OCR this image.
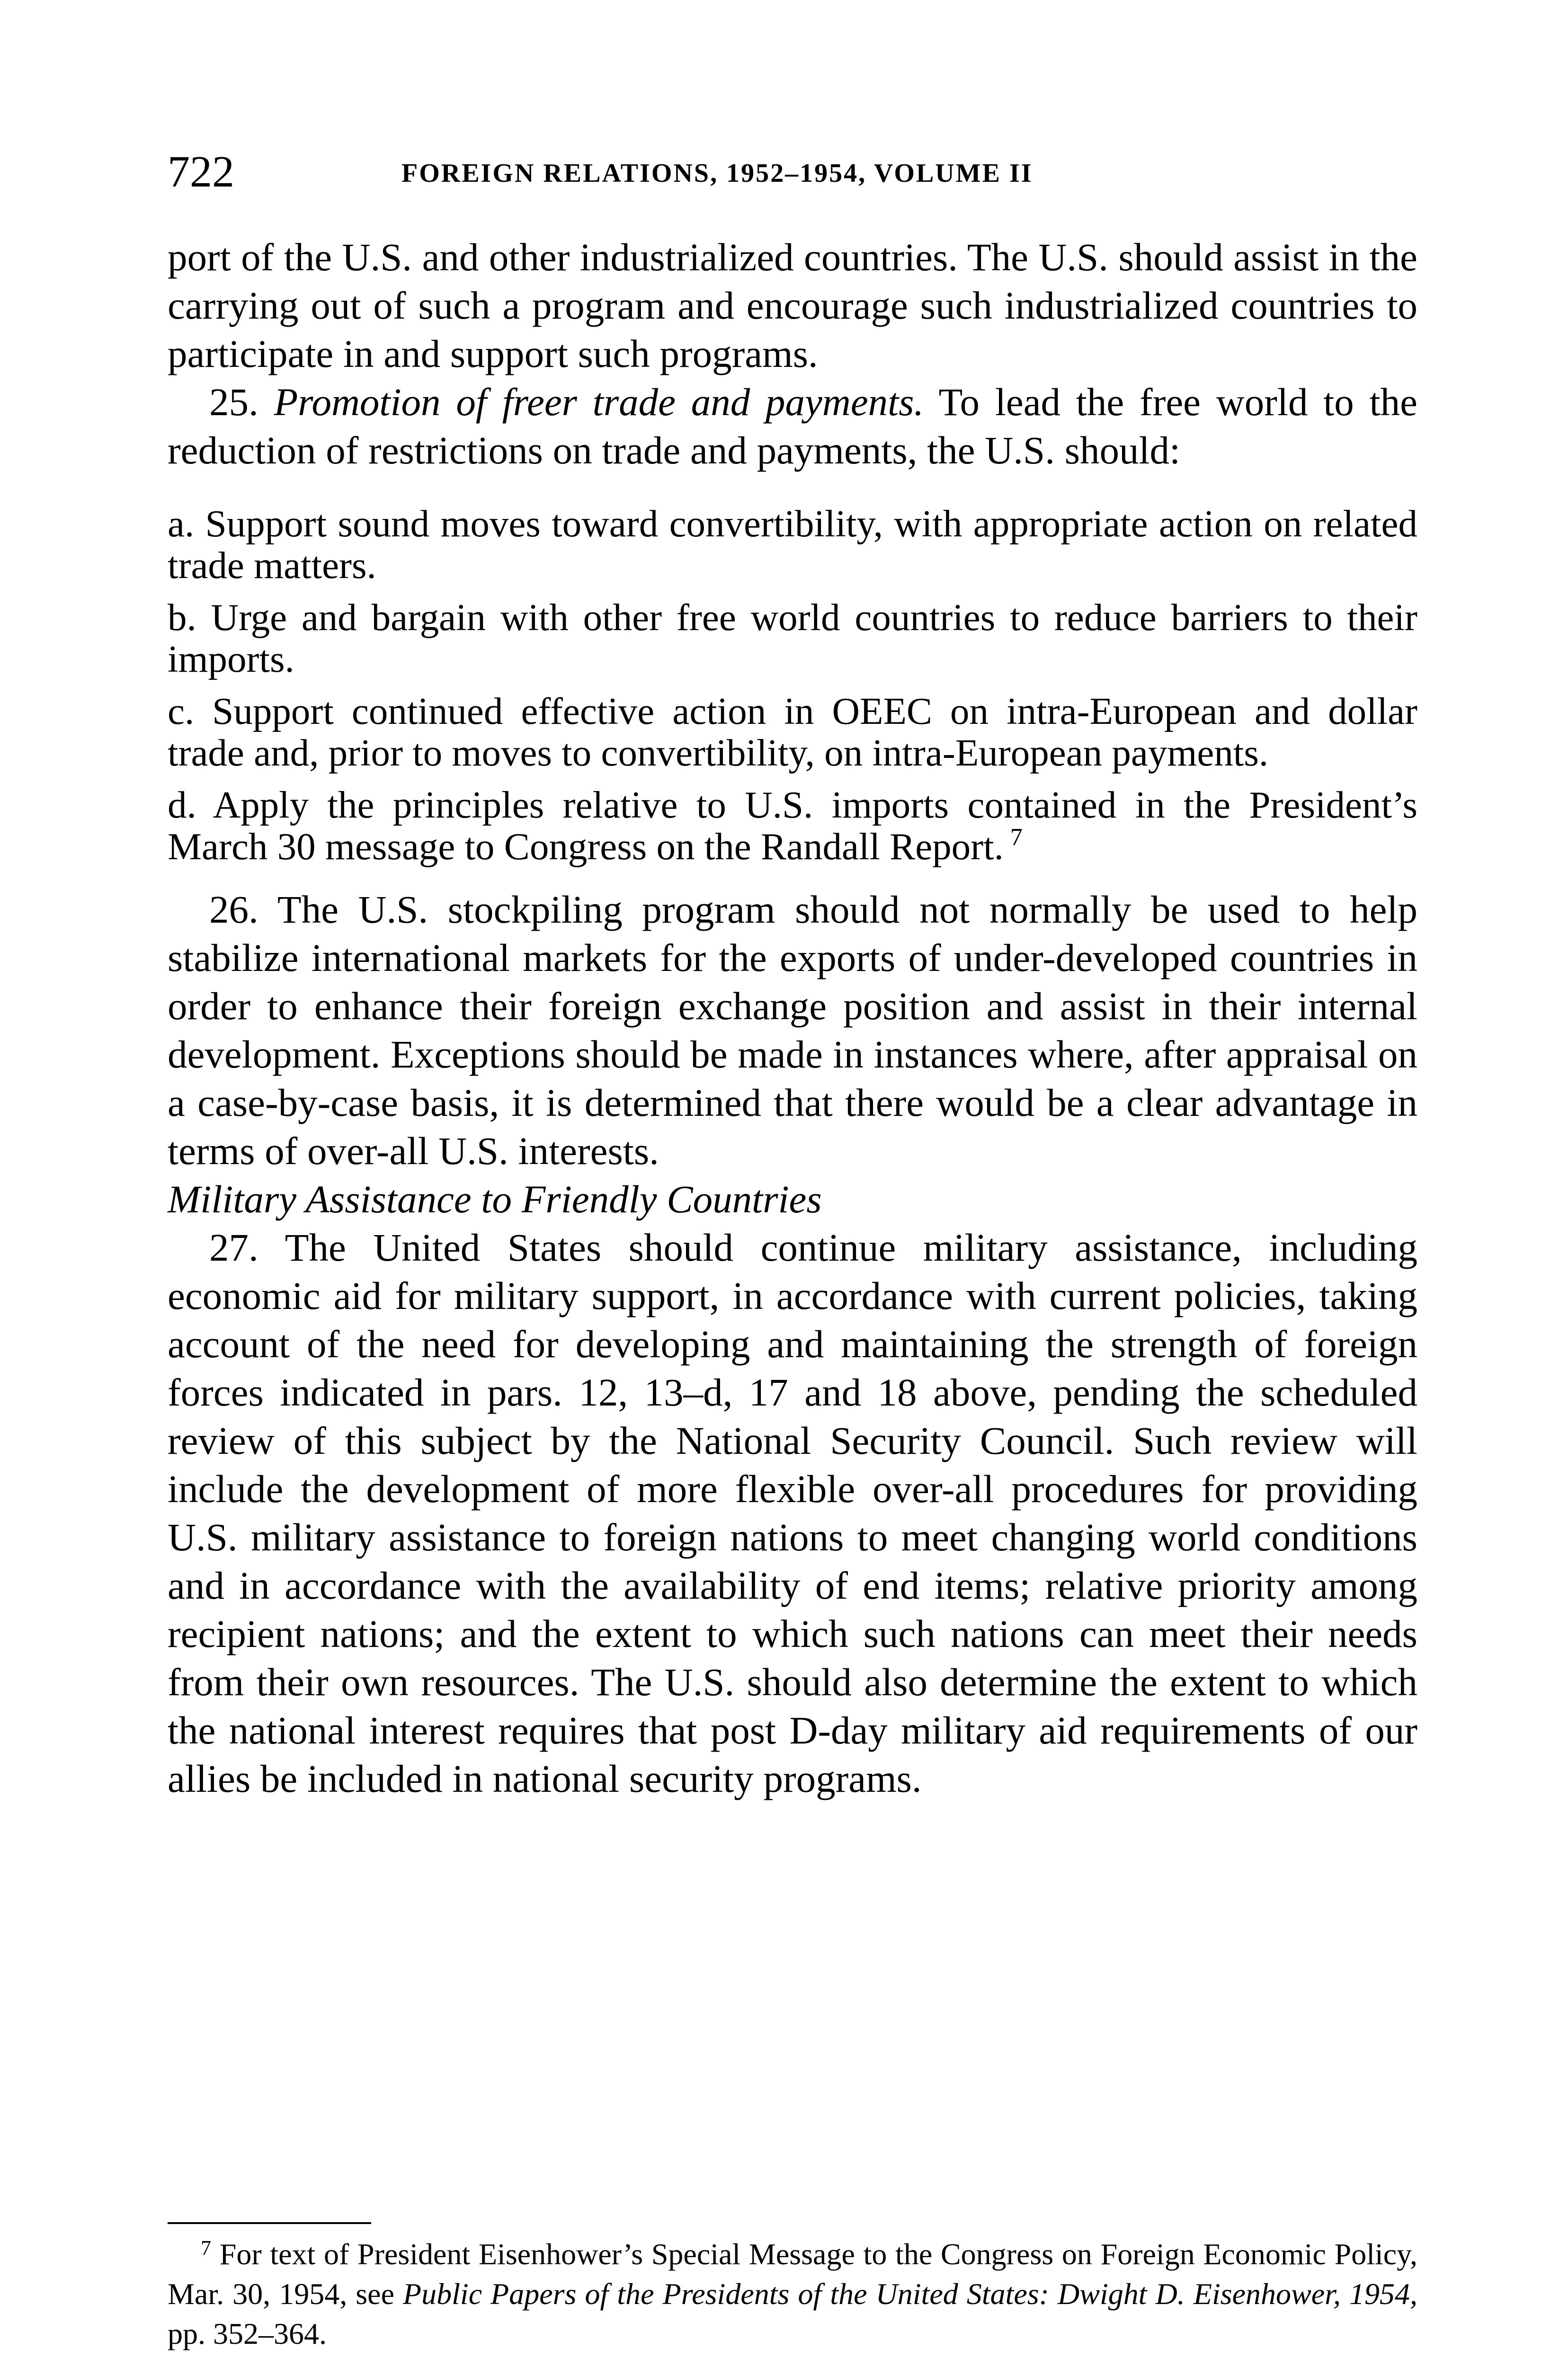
722	FOREIGN RELATIONS, 1952–1954, VOLUME II

port of the U.S. and other industrialized countries. The U.S. should assist in the carrying out of such a program and encourage such industrialized countries to participate in and support such programs.

25. Promotion of freer trade and payments. To lead the free world to the reduction of restrictions on trade and payments, the U.S. should:

a. Support sound moves toward convertibility, with appropriate action on related trade matters.

b. Urge and bargain with other free world countries to reduce barriers to their imports.

c. Support continued effective action in OEEC on intra-European and dollar trade and, prior to moves to convertibility, on intra-European payments.

d. Apply the principles relative to U.S. imports contained in the President’s March 30 message to Congress on the Randall Report. $^7$

26. The U.S. stockpiling program should not normally be used to help stabilize international markets for the exports of under-developed countries in order to enhance their foreign exchange position and assist in their internal development. Exceptions should be made in instances where, after appraisal on a case-by-case basis, it is determined that there would be a clear advantage in terms of over-all U.S. interests.

Military Assistance to Friendly Countries

27. The United States should continue military assistance, including economic aid for military support, in accordance with current policies, taking account of the need for developing and maintaining the strength of foreign forces indicated in pars. 12, 13–d, 17 and 18 above, pending the scheduled review of this subject by the National Security Council. Such review will include the development of more flexible over-all procedures for providing U.S. military assistance to foreign nations to meet changing world conditions and in accordance with the availability of end items; relative priority among recipient nations; and the extent to which such nations can meet their needs from their own resources. The U.S. should also determine the extent to which the national interest requires that post D-day military aid requirements of our allies be included in national security programs.

$^7$ For text of President Eisenhower’s Special Message to the Congress on Foreign Economic Policy, Mar. 30, 1954, see Public Papers of the Presidents of the United States: Dwight D. Eisenhower, 1954, pp. 352–364.
